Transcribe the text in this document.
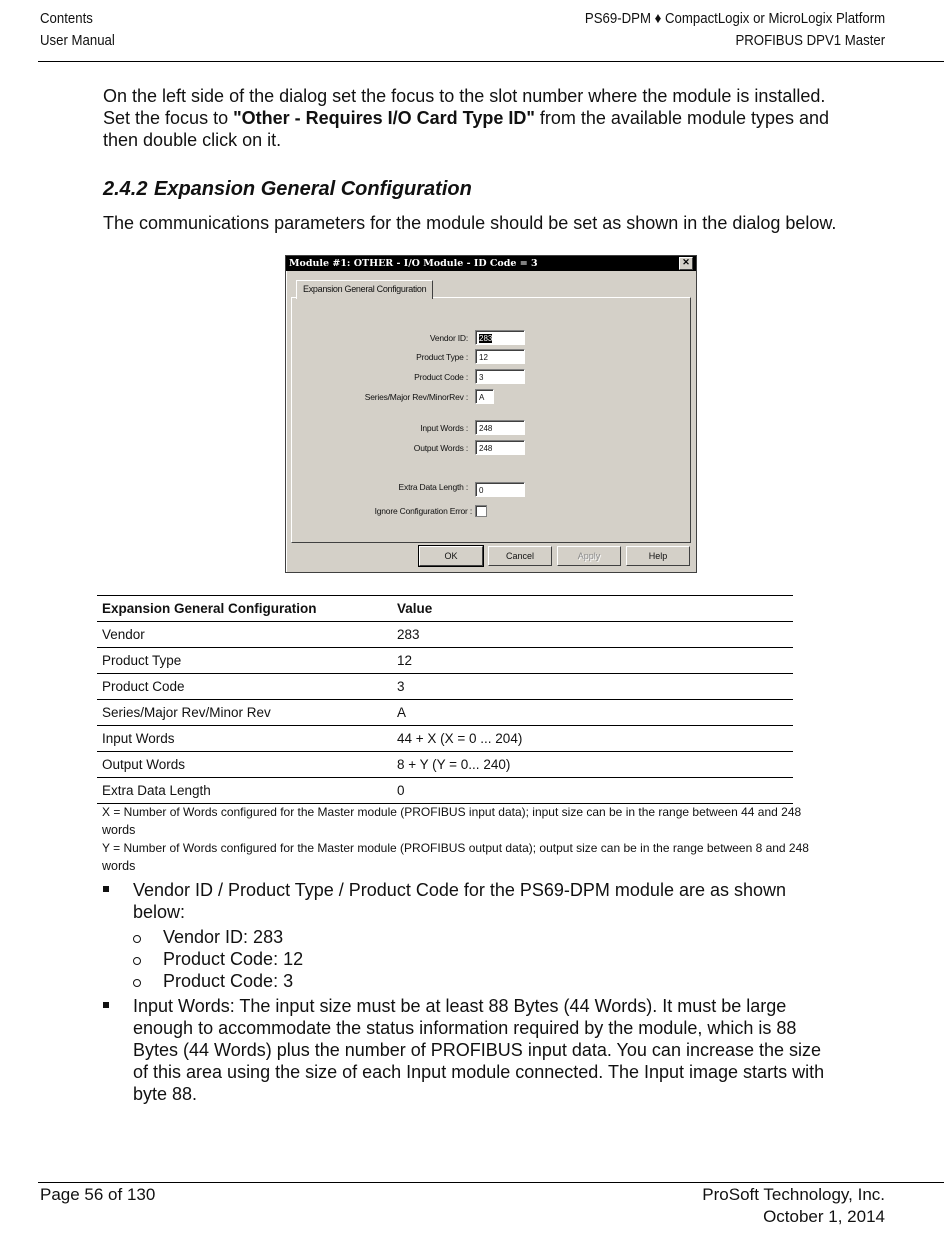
Contents
User Manual
PS69-DPM ♦ CompactLogix or MicroLogix Platform
PROFIBUS DPV1 Master
On the left side of the dialog set the focus to the slot number where the module is installed.
Set the focus to "Other - Requires I/O Card Type ID" from the available module types and
then double click on it.
2.4.2 Expansion General Configuration
The communications parameters for the module should be set as shown in the dialog below.
Module #1: OTHER - I/O Module - ID Code = 3	✕
Expansion General Configuration
Vendor ID:	283
Product Type :	12
Product Code :	3
Series/Major Rev/MinorRev :	A
Input Words :	248
Output Words :	248
Extra Data Length :	0
Ignore Configuration Error :
OK	Cancel	Apply	Help
Expansion General Configuration	Value
Vendor	283
Product Type	12
Product Code	3
Series/Major Rev/Minor Rev	A
Input Words	44 + X (X = 0 ... 204)
Output Words	8 + Y (Y = 0... 240)
Extra Data Length	0
X = Number of Words configured for the Master module (PROFIBUS input data); input size can be in the range between 44 and 248
words
Y = Number of Words configured for the Master module (PROFIBUS output data); output size can be in the range between 8 and 248
words
Vendor ID / Product Type / Product Code for the PS69-DPM module are as shown
below:
Vendor ID: 283
Product Code: 12
Product Code: 3
Input Words: The input size must be at least 88 Bytes (44 Words). It must be large
enough to accommodate the status information required by the module, which is 88
Bytes (44 Words) plus the number of PROFIBUS input data. You can increase the size
of this area using the size of each Input module connected. The Input image starts with
byte 88.
Page 56 of 130	ProSoft Technology, Inc.
October 1, 2014
